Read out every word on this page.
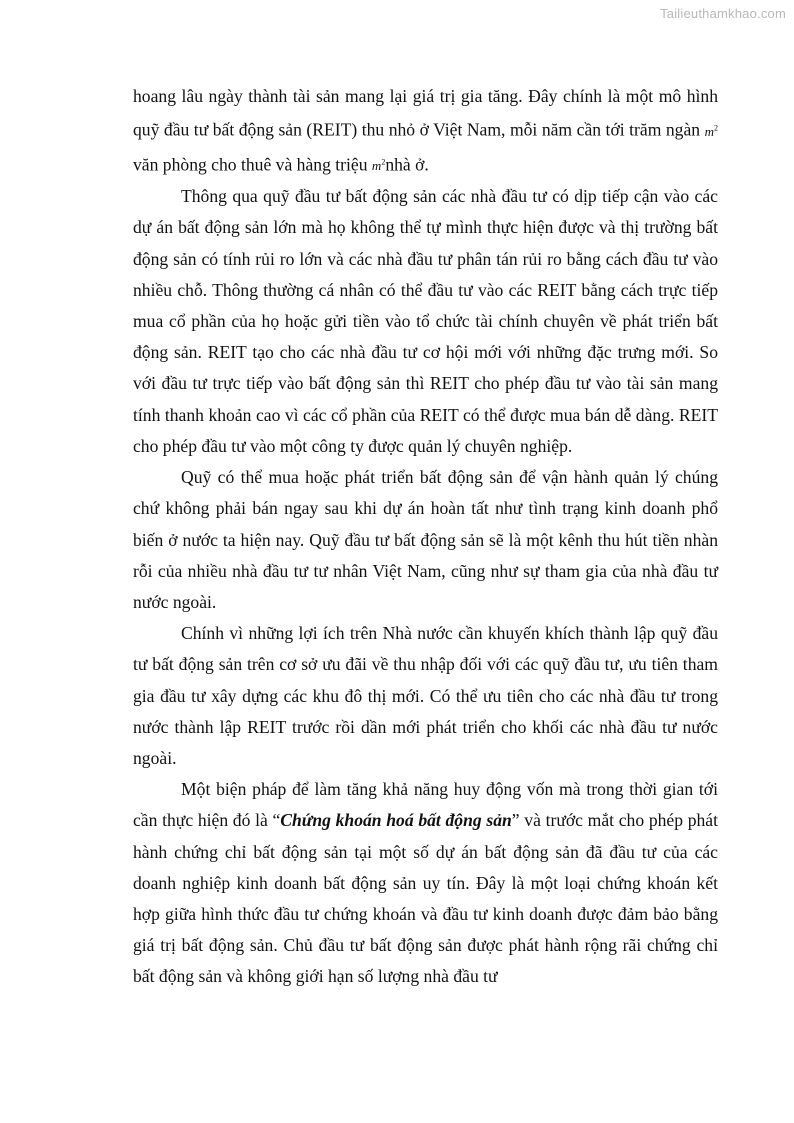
Tailieuthamkhao.com

hoang lâu ngày thành tài sản mang lại giá trị gia tăng. Đây chính là một mô hình quỹ đầu tư bất động sản (REIT) thu nhỏ ở Việt Nam, mỗi năm cần tới trăm ngàn $m^2$ văn phòng cho thuê và hàng triệu $m^2nhà$ ở.

Thông qua quỹ đầu tư bất động sản các nhà đầu tư có dịp tiếp cận vào các dự án bất động sản lớn mà họ không thể tự mình thực hiện được và thị trường bất động sản có tính rủi ro lớn và các nhà đầu tư phân tán rủi ro bằng cách đầu tư vào nhiều chỗ. Thông thường cá nhân có thể đầu tư vào các REIT bằng cách trực tiếp mua cổ phần của họ hoặc gửi tiền vào tổ chức tài chính chuyên về phát triển bất động sản. REIT tạo cho các nhà đầu tư cơ hội mới với những đặc trưng mới. So với đầu tư trực tiếp vào bất động sản thì REIT cho phép đầu tư vào tài sản mang tính thanh khoản cao vì các cổ phần của REIT có thể được mua bán dễ dàng. REIT cho phép đầu tư vào một công ty được quản lý chuyên nghiệp.

Quỹ có thể mua hoặc phát triển bất động sản để vận hành quản lý chúng chứ không phải bán ngay sau khi dự án hoàn tất như tình trạng kinh doanh phổ biến ở nước ta hiện nay. Quỹ đầu tư bất động sản sẽ là một kênh thu hút tiền nhàn rỗi của nhiều nhà đầu tư tư nhân Việt Nam, cũng như sự tham gia của nhà đầu tư nước ngoài.

Chính vì những lợi ích trên Nhà nước cần khuyến khích thành lập quỹ đầu tư bất động sản trên cơ sở ưu đãi về thu nhập đối với các quỹ đầu tư, ưu tiên tham gia đầu tư xây dựng các khu đô thị mới. Có thể ưu tiên cho các nhà đầu tư trong nước thành lập REIT trước rồi dần mới phát triển cho khối các nhà đầu tư nước ngoài.

Một biện pháp để làm tăng khả năng huy động vốn mà trong thời gian tới cần thực hiện đó là “Chứng khoán hoá bất động sản” và trước mắt cho phép phát hành chứng chỉ bất động sản tại một số dự án bất động sản đã đầu tư của các doanh nghiệp kinh doanh bất động sản uy tín. Đây là một loại chứng khoán kết hợp giữa hình thức đầu tư chứng khoán và đầu tư kinh doanh được đảm bảo bằng giá trị bất động sản. Chủ đầu tư bất động sản được phát hành rộng rãi chứng chỉ bất động sản và không giới hạn số lượng nhà đầu tư
